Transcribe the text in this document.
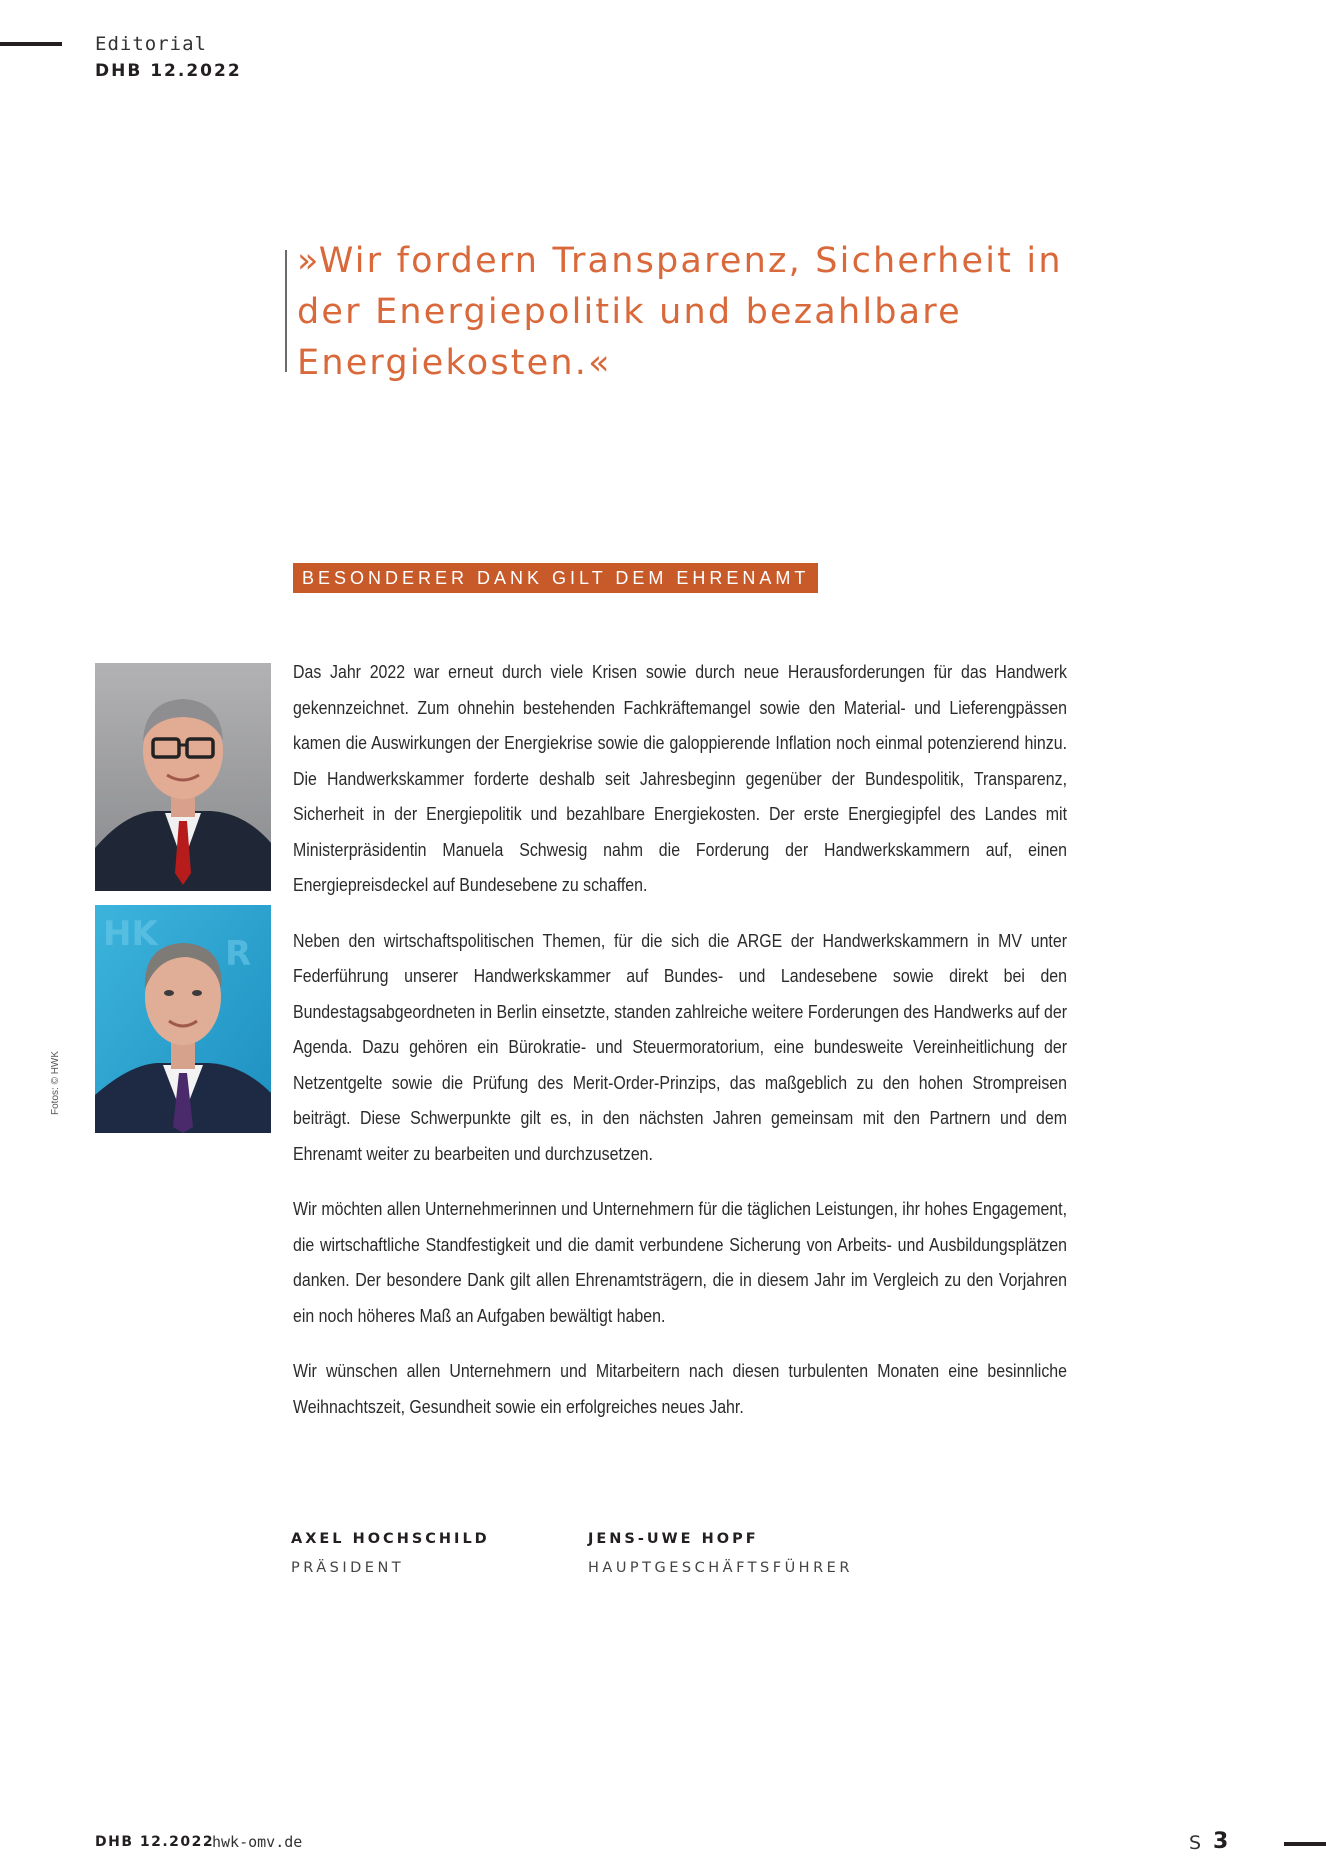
Editorial
DHB 12.2022
»Wir fordern Transparenz, Sicherheit in der Energiepolitik und bezahlbare Energiekosten.«
BESONDERER DANK GILT DEM EHRENAMT
HK R
Fotos: © HWK

Das Jahr 2022 war erneut durch viele Krisen sowie durch neue Herausforderungen für das Handwerk gekennzeichnet. Zum ohnehin bestehenden Fachkräftemangel sowie den Material- und Lieferengpässen kamen die Auswirkungen der Energiekrise sowie die galoppierende Inflation noch einmal potenzierend hinzu. Die Handwerkskammer forderte deshalb seit Jahresbeginn gegenüber der Bundespolitik, Transparenz, Sicherheit in der Energiepolitik und bezahlbare Energiekosten. Der erste Energiegipfel des Landes mit Ministerpräsidentin Manuela Schwesig nahm die Forderung der Handwerkskammern auf, einen Energiepreisdeckel auf Bundesebene zu schaffen.

Neben den wirtschaftspolitischen Themen, für die sich die ARGE der Handwerkskammern in MV unter Federführung unserer Handwerkskammer auf Bundes- und Landesebene sowie direkt bei den Bundestagsabgeordneten in Berlin einsetzte, standen zahlreiche weitere Forderungen des Handwerks auf der Agenda. Dazu gehören ein Bürokratie- und Steuermoratorium, eine bundesweite Vereinheitlichung der Netzentgelte sowie die Prüfung des Merit-Order-Prinzips, das maßgeblich zu den hohen Strompreisen beiträgt. Diese Schwerpunkte gilt es, in den nächsten Jahren gemeinsam mit den Partnern und dem Ehrenamt weiter zu bearbeiten und durchzusetzen.

Wir möchten allen Unternehmerinnen und Unternehmern für die täglichen Leistungen, ihr hohes Engagement, die wirtschaftliche Standfestigkeit und die damit verbundene Sicherung von Arbeits- und Ausbildungsplätzen danken. Der besondere Dank gilt allen Ehrenamtsträgern, die in diesem Jahr im Vergleich zu den Vorjahren ein noch höheres Maß an Aufgaben bewältigt haben.

Wir wünschen allen Unternehmern und Mitarbeitern nach diesen turbulenten Monaten eine besinnliche Weihnachtszeit, Gesundheit sowie ein erfolgreiches neues Jahr.

AXEL HOCHSCHILD
PRÄSIDENT
JENS-UWE HOPF
HAUPTGESCHÄFTSFÜHRER
DHB 12.2022
hwk-omv.de	S 3
